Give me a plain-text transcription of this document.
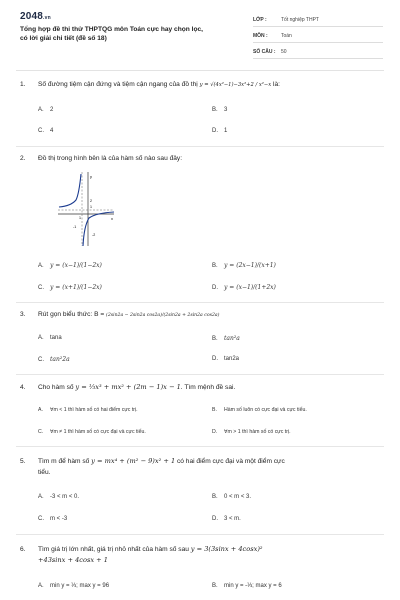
2048.vn
Tổng hợp đề thi thử THPTQG môn Toán cực hay chọn lọc,
có lời giải chi tiết (đề số 18)
LỚP :	Tốt nghiệp THPT
MÔN :	Toán
SỐ CÂU :	50
1. Số đường tiệm cận đứng và tiệm cận ngang của đồ thị y = √(4x²−1)−3x²+2 / x²−x là:
A. 2	B. 3
C. 4	D. 1
2. Đồ thị trong hình bên là của hàm số nào sau đây:
y
x
2
1
-1
-2
1
A. y = (x−1)/(1−2x)	B. y = (2x−1)/(x+1)
C. y = (x+1)/(1−2x)	D. y = (x−1)/(1+2x)
3. Rút gọn biểu thức: B = (2sin2a − 2sin2a cos2a)/(2sin2a + 2sin2a cos2a)
A. tana	B. tan²a
C. tan²2a	D. tan2a
4. Cho hàm số y = ⅓x³ + mx² + (2m − 1)x − 1. Tìm mệnh đề sai.
A. ∀m < 1 thì hàm số có hai điểm cực trị.	B. Hàm số luôn có cực đại và cực tiểu.
C. ∀m ≠ 1 thì hàm số có cực đại và cực tiểu.	D. ∀m > 1 thì hàm số có cực trị.
5. Tìm m để hàm số y = mx⁴ + (m² − 9)x² + 1 có hai điểm cực đại và một điểm cực
tiểu.
A. -3 < m < 0.	B. 0 < m < 3.
C. m < -3	D. 3 < m.
6. Tìm giá trị lớn nhất, giá trị nhỏ nhất của hàm số sau y = 3(3sinx + 4cosx)²
+43sinx + 4cosx + 1
A. min y = ⅓; max y = 96	B. min y = -⅓; max y = 6
